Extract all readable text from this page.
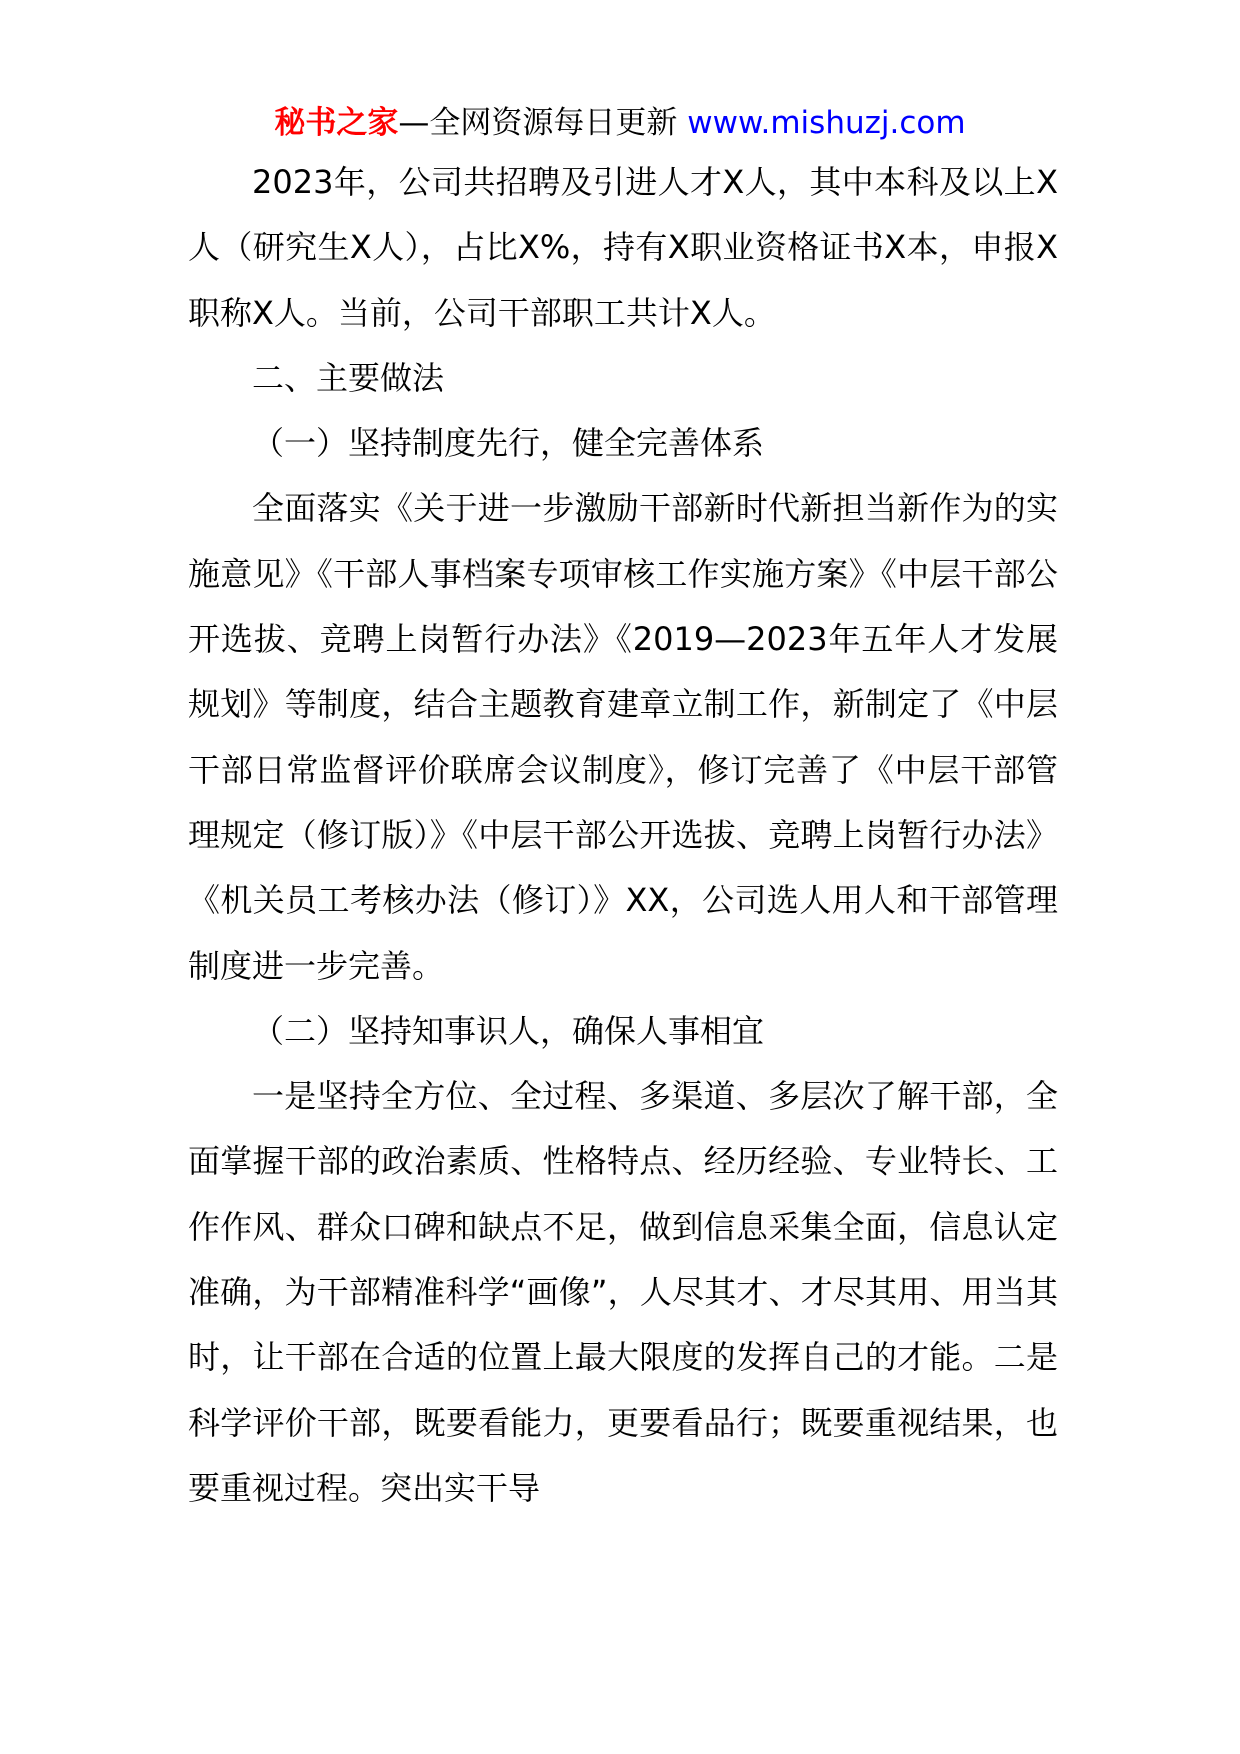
秘书之家—全网资源每日更新 www.mishuzj.com

2023年，公司共招聘及引进人才X人，其中本科及以上X人（研究生X人），占比X%，持有X职业资格证书X本，申报X职称X人。当前，公司干部职工共计X人。

二、主要做法

（一）坚持制度先行，健全完善体系

全面落实《关于进一步激励干部新时代新担当新作为的实施意见》《干部人事档案专项审核工作实施方案》《中层干部公开选拔、竞聘上岗暂行办法》《2019—2023年五年人才发展规划》等制度，结合主题教育建章立制工作，新制定了《中层干部日常监督评价联席会议制度》，修订完善了《中层干部管理规定（修订版）》《中层干部公开选拔、竞聘上岗暂行办法》《机关员工考核办法（修订）》XX，公司选人用人和干部管理制度进一步完善。

（二）坚持知事识人，确保人事相宜

一是坚持全方位、全过程、多渠道、多层次了解干部，全面掌握干部的政治素质、性格特点、经历经验、专业特长、工作作风、群众口碑和缺点不足，做到信息采集全面，信息认定准确，为干部精准科学“画像”，人尽其才、才尽其用、用当其时，让干部在合适的位置上最大限度的发挥自己的才能。二是科学评价干部，既要看能力，更要看品行；既要重视结果，也要重视过程。突出实干导
